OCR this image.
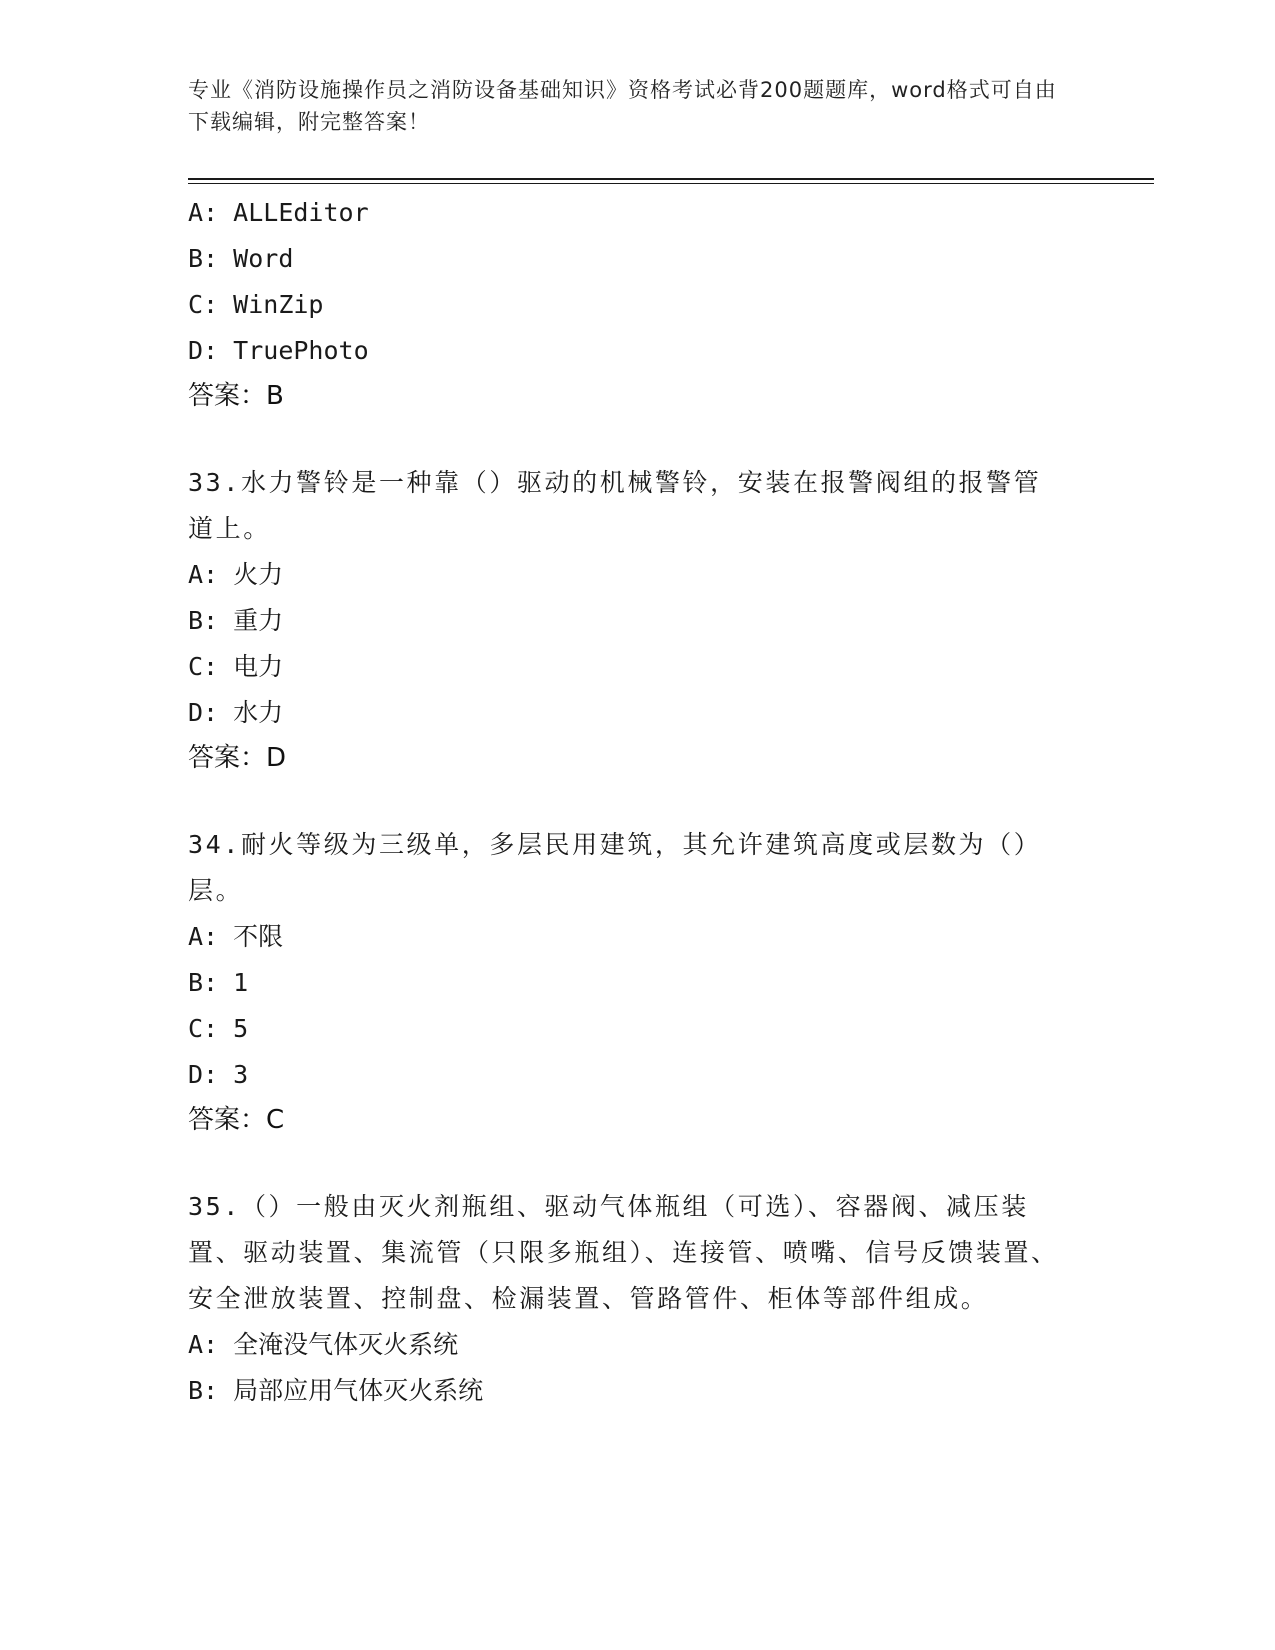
专业《消防设施操作员之消防设备基础知识》资格考试必背200题题库，word格式可自由下载编辑，附完整答案！
A: ALLEditor
B: Word
C: WinZip
D: TruePhoto
答案：B
33.水力警铃是一种靠（）驱动的机械警铃，安装在报警阀组的报警管道上。
A: 火力
B: 重力
C: 电力
D: 水力
答案：D
34.耐火等级为三级单，多层民用建筑，其允许建筑高度或层数为（）层。
A: 不限
B: 1
C: 5
D: 3
答案：C
35.（）一般由灭火剂瓶组、驱动气体瓶组（可选）、容器阀、减压装置、驱动装置、集流管（只限多瓶组）、连接管、喷嘴、信号反馈装置、安全泄放装置、控制盘、检漏装置、管路管件、柜体等部件组成。
A: 全淹没气体灭火系统
B: 局部应用气体灭火系统
